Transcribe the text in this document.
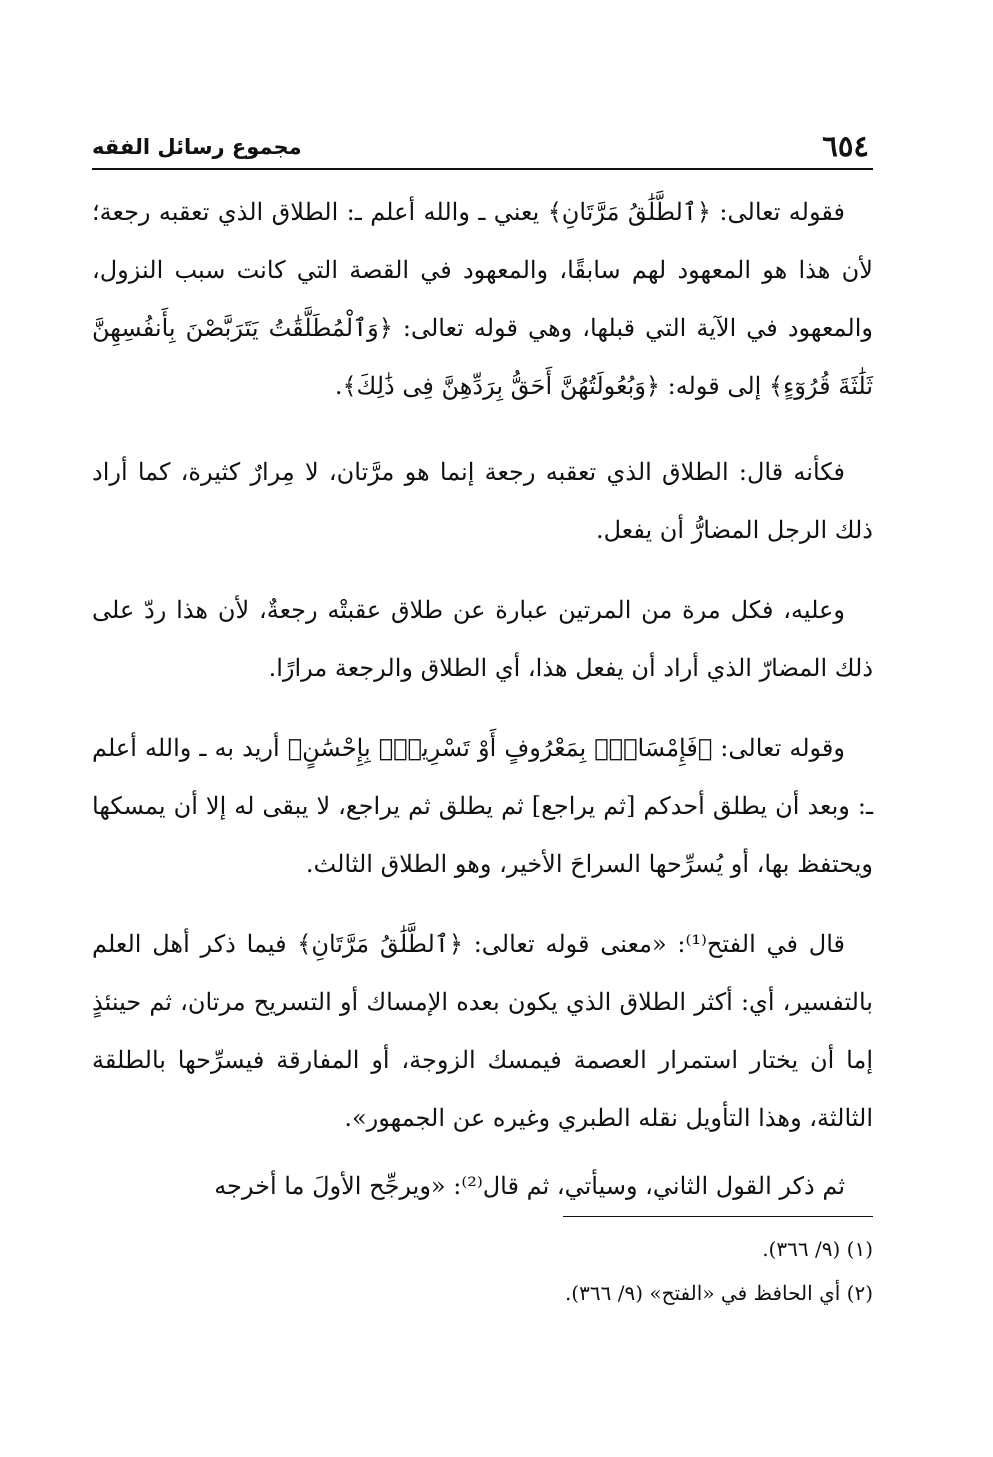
٦٥٤
مجموع رسائل الفقه

فقوله تعالى: ﴿ٱلطَّلَٰقُ مَرَّتَانِ﴾ يعني ـ والله أعلم ـ: الطلاق الذي تعقبه رجعة؛ لأن هذا هو المعهود لهم سابقًا، والمعهود في القصة التي كانت سبب النزول، والمعهود في الآية التي قبلها، وهي قوله تعالى: ﴿وَٱلْمُطَلَّقَٰتُ يَتَرَبَّصْنَ بِأَنفُسِهِنَّ ثَلَٰثَةَ قُرُوٓءٍ﴾ إلى قوله: ﴿وَبُعُولَتُهُنَّ أَحَقُّ بِرَدِّهِنَّ فِى ذَٰلِكَ﴾.

فكأنه قال: الطلاق الذي تعقبه رجعة إنما هو مرَّتان، لا مِرارٌ كثيرة، كما أراد ذلك الرجل المضارُّ أن يفعل.

وعليه، فكل مرة من المرتين عبارة عن طلاق عقبتْه رجعةٌ، لأن هذا ردّ على ذلك المضارّ الذي أراد أن يفعل هذا، أي الطلاق والرجعة مرارًا.

وقوله تعالى: ﴿فَإِمْسَاكٌۢ بِمَعْرُوفٍ أَوْ تَسْرِيحٌۢ بِإِحْسَٰنٍ﴾ أريد به ـ والله أعلم ـ: وبعد أن يطلق أحدكم [ثم يراجع] ثم يطلق ثم يراجع، لا يبقى له إلا أن يمسكها ويحتفظ بها، أو يُسرِّحها السراحَ الأخير، وهو الطلاق الثالث.

قال في الفتح⁽¹⁾: «معنى قوله تعالى: ﴿ٱلطَّلَٰقُ مَرَّتَانِ﴾ فيما ذكر أهل العلم بالتفسير، أي: أكثر الطلاق الذي يكون بعده الإمساك أو التسريح مرتان، ثم حينئذٍ إما أن يختار استمرار العصمة فيمسك الزوجة، أو المفارقة فيسرِّحها بالطلقة الثالثة، وهذا التأويل نقله الطبري وغيره عن الجمهور».

ثم ذكر القول الثاني، وسيأتي، ثم قال⁽²⁾: «ويرجِّح الأولَ ما أخرجه

(١) (٩/ ٣٦٦).

(٢) أي الحافظ في «الفتح» (٩/ ٣٦٦).
